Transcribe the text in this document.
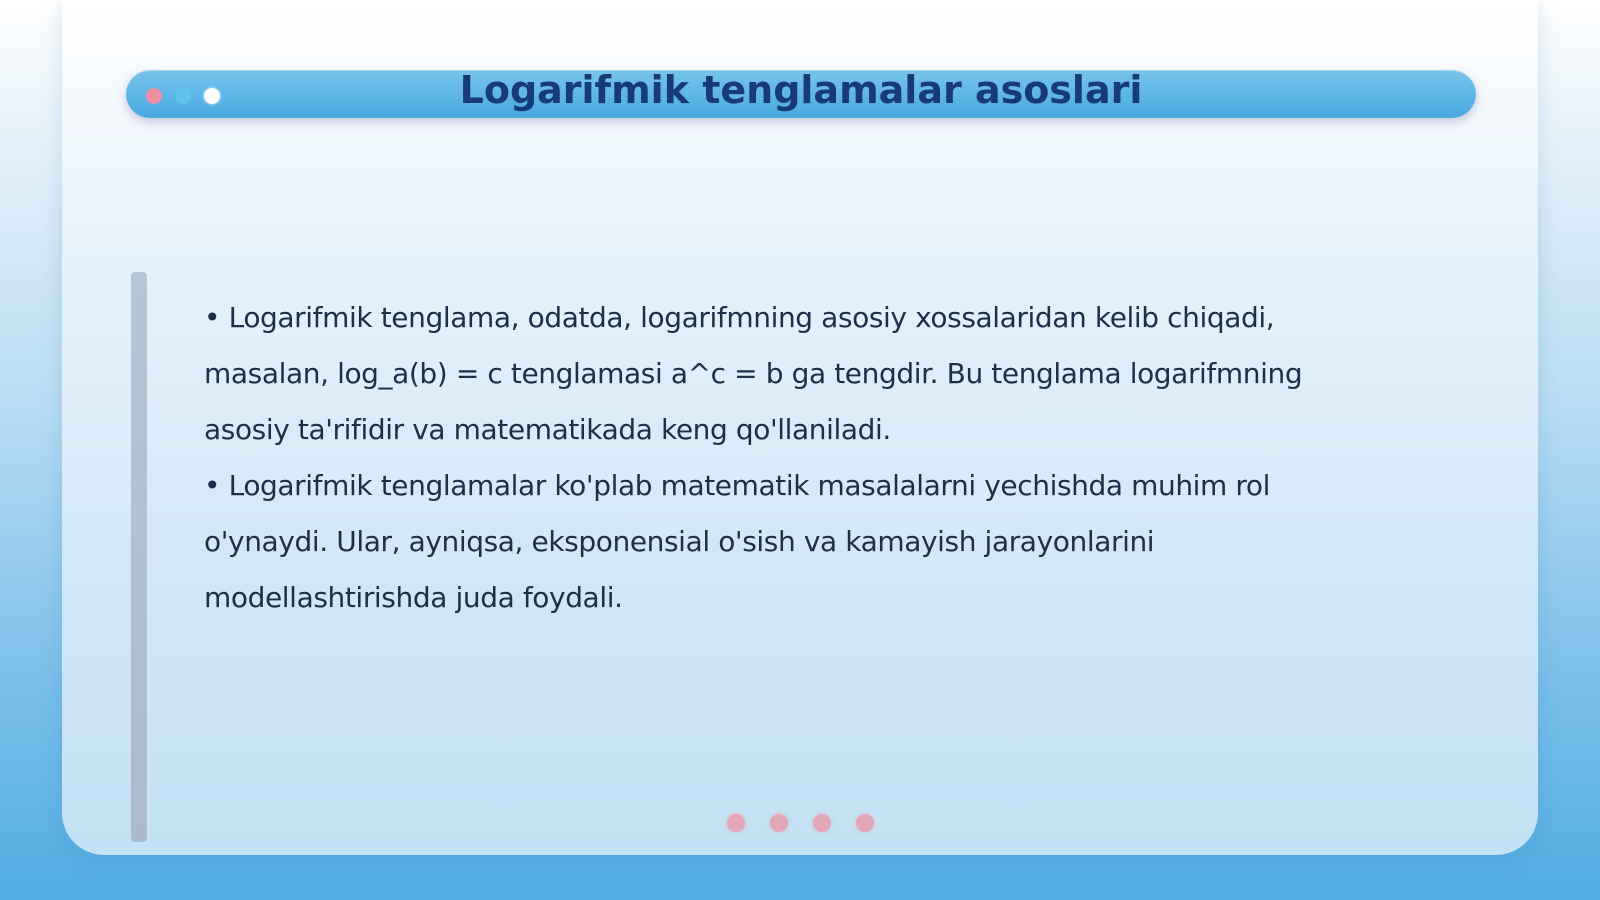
Logarifmik tenglamalar asoslari

• Logarifmik tenglama, odatda, logarifmning asosiy xossalaridan kelib chiqadi, masalan, log_a(b) = c tenglamasi a^c = b ga tengdir. Bu tenglama logarifmning asosiy ta'rifidir va matematikada keng qo'llaniladi.

• Logarifmik tenglamalar ko'plab matematik masalalarni yechishda muhim rol o'ynaydi. Ular, ayniqsa, eksponensial o'sish va kamayish jarayonlarini modellashtirishda juda foydali.
